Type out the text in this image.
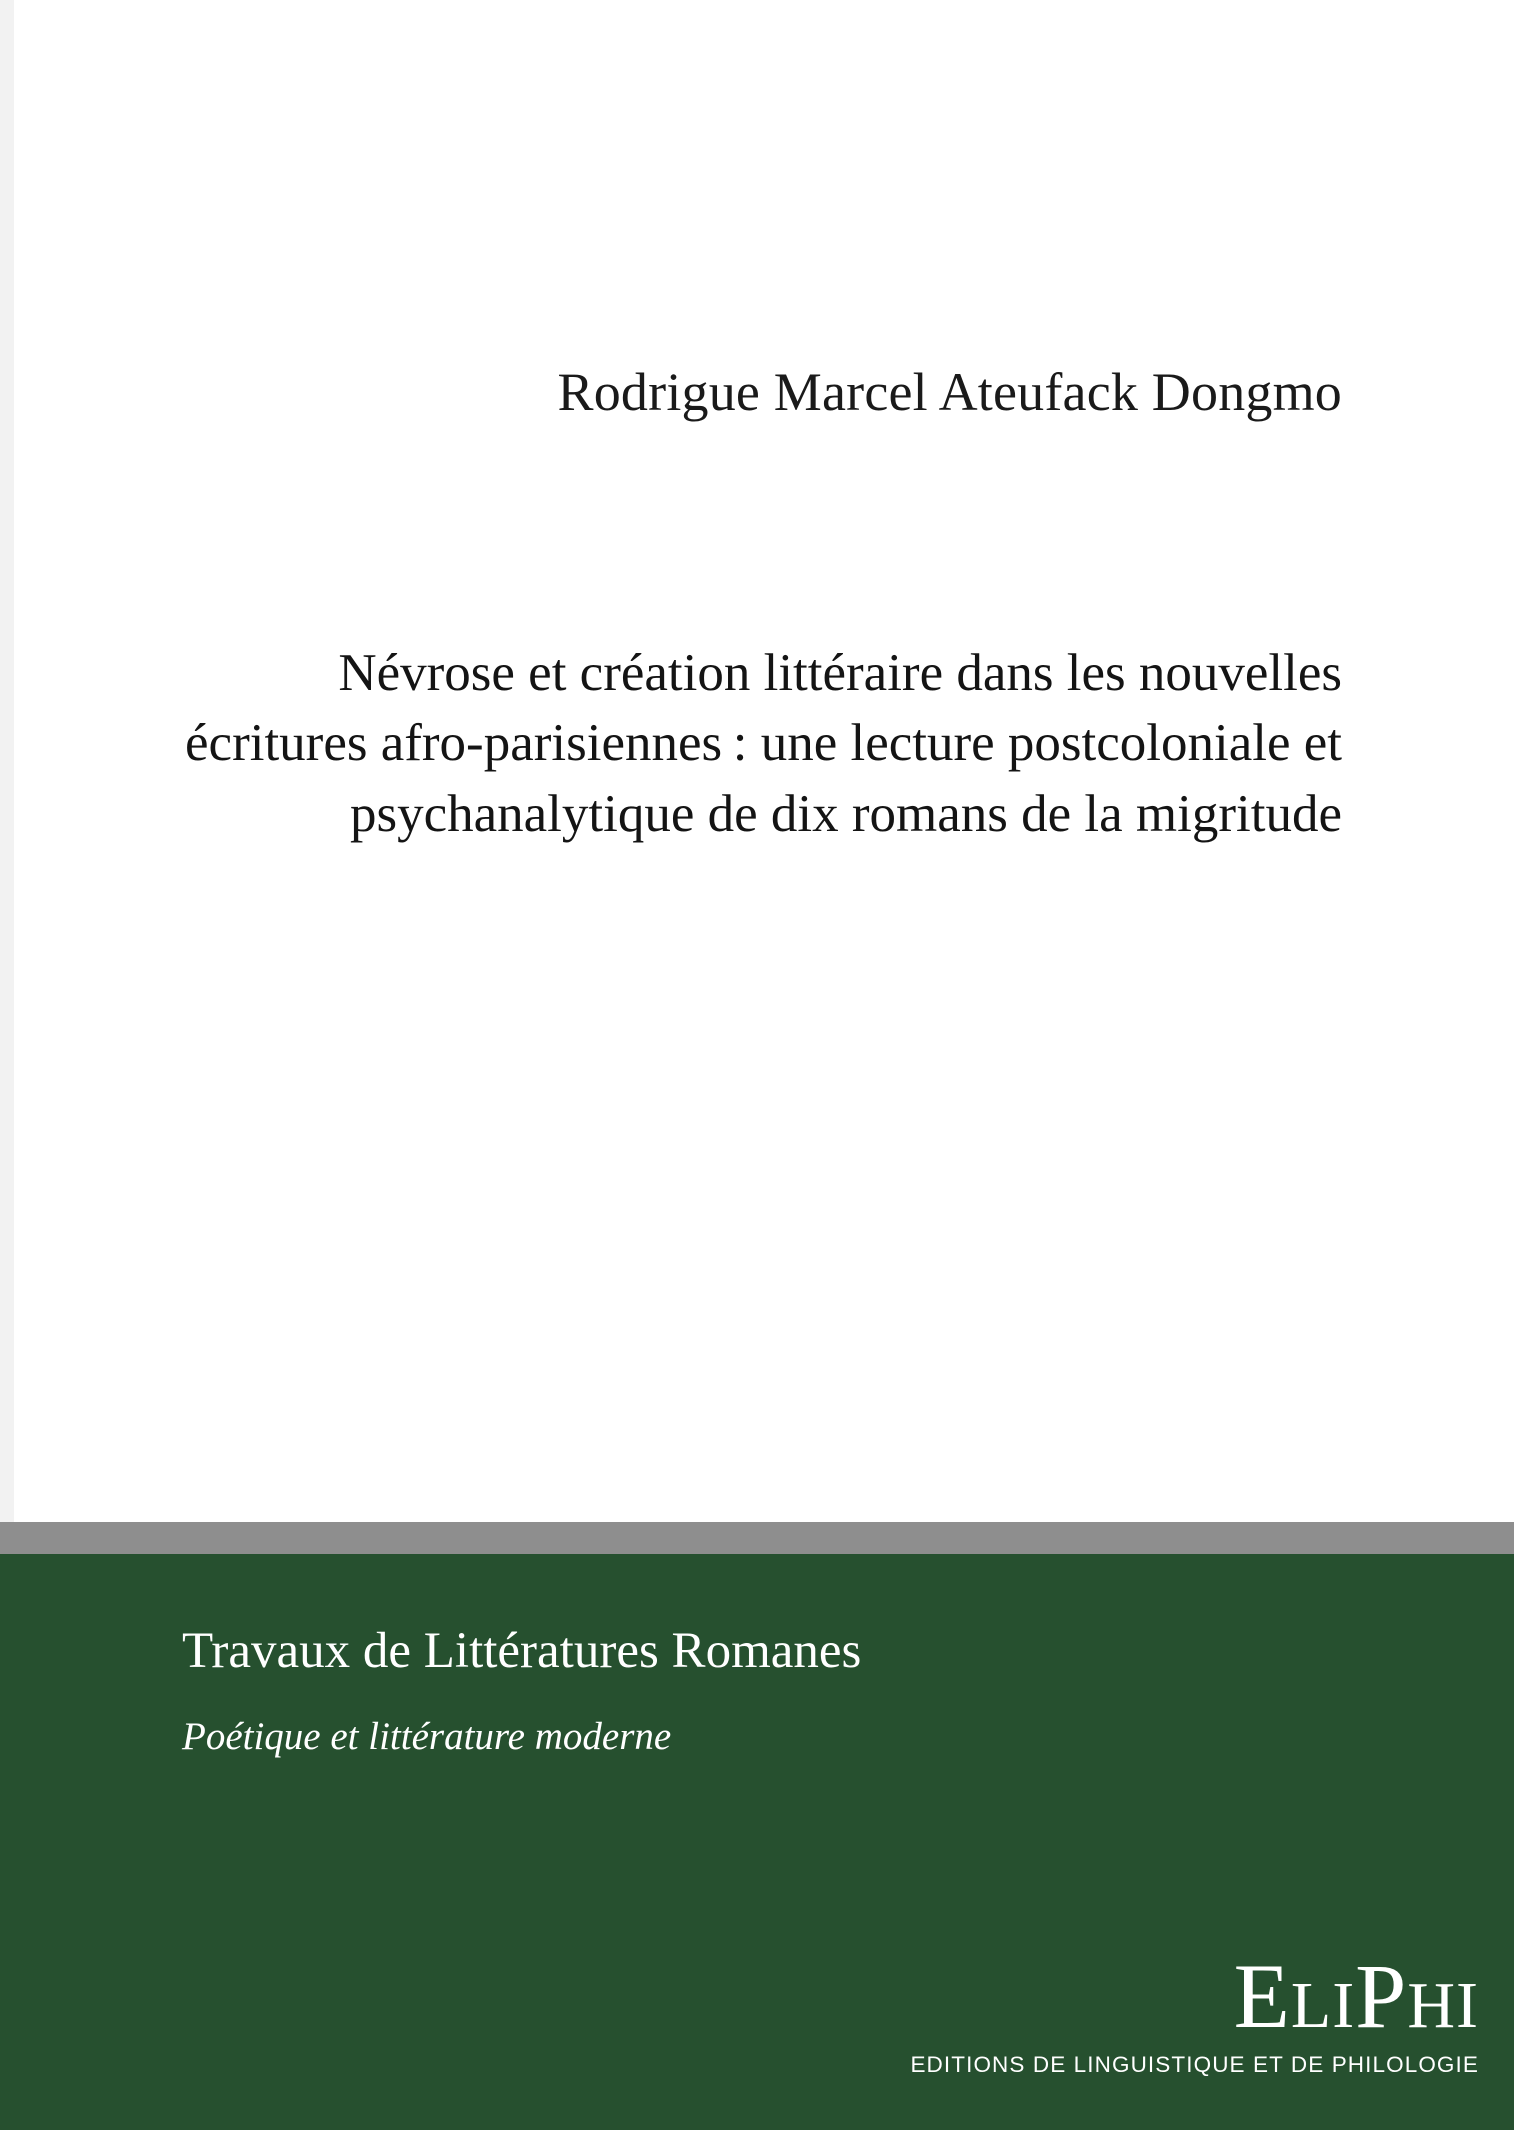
Rodrigue Marcel Ateufack Dongmo
Névrose et création littéraire dans les nouvelles écritures afro-parisiennes : une lecture postcoloniale et psychanalytique de dix romans de la migritude
Travaux de Littératures Romanes
Poétique et littérature moderne
ELIPHI
EDITIONS DE LINGUISTIQUE ET DE PHILOLOGIE
